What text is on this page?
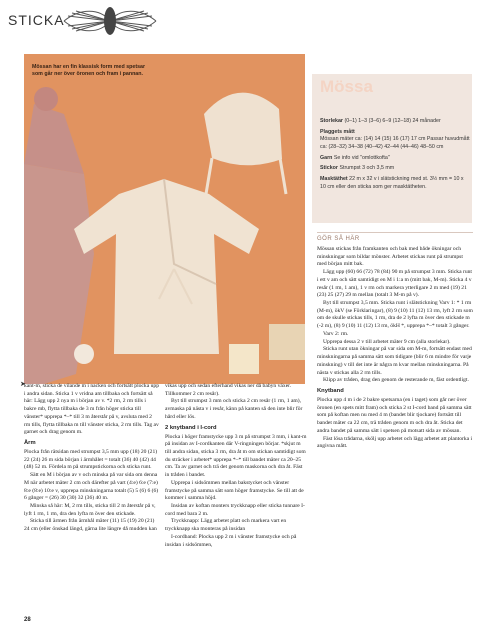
STICKA
Mössan har en fin klassisk form med spetsar som går ner över öronen och fram i pannan.
Mössa

Storlekar (0–1) 1–3 (3–6) 6–9 (12–18) 24 månader

Plaggets mått
Mössan mäter ca: (14) 14 (15) 16 (17) 17 cm Passar huvudmått ca: (28–32) 34–38 (40–42) 42–44 (44–46) 48–50 cm

Garn Se info vid "omlottkofta"

Stickor Strumpst 3 och 3,5 mm

Masktäthet 22 m x 32 v i slätstickning med st. 3½ mm = 10 x 10 cm eller den sticka som ger masktätheten.

GÖR SÅ HÄR
➤

kant-m, sticka de vilande m i nacken och fortsätt plocka upp i andra sidan. Sticka 1 v vridna am tillbaka och fortsätt så här: Lägg upp 2 nya m i början av v. *2 rm, 2 rm tills i bakre mb, flytta tillbaka de 3 m från höger sticka till vänster* upprepa *–* till 3 m återstår på v, avsluta med 2 rm tills, flytta tillbaka m till vänster sticka, 2 rm tills. Tag av garnet och drag genom m.

Ärm

Plocka från rätsidan med strumpst 3,5 mm upp (18) 20 (21) 22 (24) 26 m sida början i ärmhålet = totalt (36) 40 (42) 44 (48) 52 m. Fördela m på strumpstickorna och sticka runt.

Sätt en M i början av v och minska på var sida om denna M när arbetet mäter 2 cm och därefter på vart (4:e) 6:e (7:e) 8:e (8:e) 10:e v, upprepa minskningarna totalt (5) 5 (6) 6 (6) 6 gånger = (26) 30 (30) 32 (36) 40 m.

Minska så här: M, 2 rm tills, sticka till 2 m återstår på v, lyft 1 rm, 1 rm, dra den lyfta m över den stickade.

Sticka till ärmen från ärmhål mäter (11) 15 (19) 20 (21) 24 cm (eller önskad längd, gärna lite längre då mudden kan

vikas upp och sedan efterhand vikas ner då babyn växer. Tillkommer 2 cm resår).

Byt till strumpst 3 mm och sticka 2 cm resår (1 rm, 1 am), avmaska på nästa v i resår, känn på kanten så den inte blir för hård eller lös.

2 knytband i I-cord

Plocka i höger framstycke upp 3 m på strumpst 3 mm, i kant-m på insidan av I-cordkanten där V-ringningen börjar. *skjut m till andra sidan, sticka 3 rm, dra åt m om stickan samtidigt som du sträcker i arbetet* upprepa *–* till bandet mäter ca 20–25 cm. Ta av garnet och trä det genom maskorna och dra åt. Fäst in tråden i bandet.

Upprepa i sidsömmen mellan bakstycket och vänster framstycke på samma sätt som höger framstycke. Se till att de kommer i samma höjd.

Insidan av koftan monters tryckknapp eller sticka tunnare I-cord med bara 2 m.

Tryckknapp: Lägg arbetet platt och markera vart en tryckknapp ska monteras på insidan

I-cordband: Plocka upp 2 m i vänster framstycke och på insidan i sidsömmen,

Mössan stickas från framkanten och bak med både ökningar och minskningar som bildar mönster. Arbetet stickas runt på strumpst med början mitt bak.

Lägg upp (60) 66 (72) 78 (84) 90 m på strumpst 3 mm. Sticka runt i ett v am och sätt samtidigt en M i 1:a m (mitt bak, M-m). Sticka 4 v resår (1 rm, 1 am), 1 v rm och markera ytterligare 2 m med (19) 21 (23) 25 (27) 29 m mellan (totalt 3 M-m på v).

Byt till strumpst 3,5 mm. Sticka runt i slätstickning Varv 1: * 1 rm (M-m), ökV (se Förklaringar), (8) 9 (10) 11 (12) 13 rm, lyft 2 rm som om de skulle stickas tills, 1 rm, dra de 2 lyfta m över den stickade m (-2 m), (8) 9 (10) 11 (12) 13 rm, ökH *, upprepa *–* totalt 3 gånger.

Varv 2: rm.

Upprepa dessa 2 v till arbetet mäter 9 cm (alla storlekar).

Sticka runt utan ökningar på var sida om M-m, fortsätt endast med minskningarna på samma sätt som tidigare (blir 6 m mindre för varje minskning) v till det inte är några m kvar mellan minskningarna. På nästa v stickas alla 2 rm tills.

Klipp av tråden, drag den genom de resterande m, fäst ordentligt.

Knytband

Plocka upp 4 m i de 2 bakre spetsarna (en i taget) som går ner över öronen (en spets mitt fram) och sticka 2 st I-cord band på samma sätt som på koftan men nu med 4 m (bandet blir tjockare) fortsätt till bandet mäter ca 22 cm, trä tråden genom m och dra åt. Sticka det andra bandet på samma sätt i spetsen på motsatt sida av mössan.

Fäst lösa trådarna, skölj upp arbetet och lägg arbetet att plantorka i angivna mått.

28
